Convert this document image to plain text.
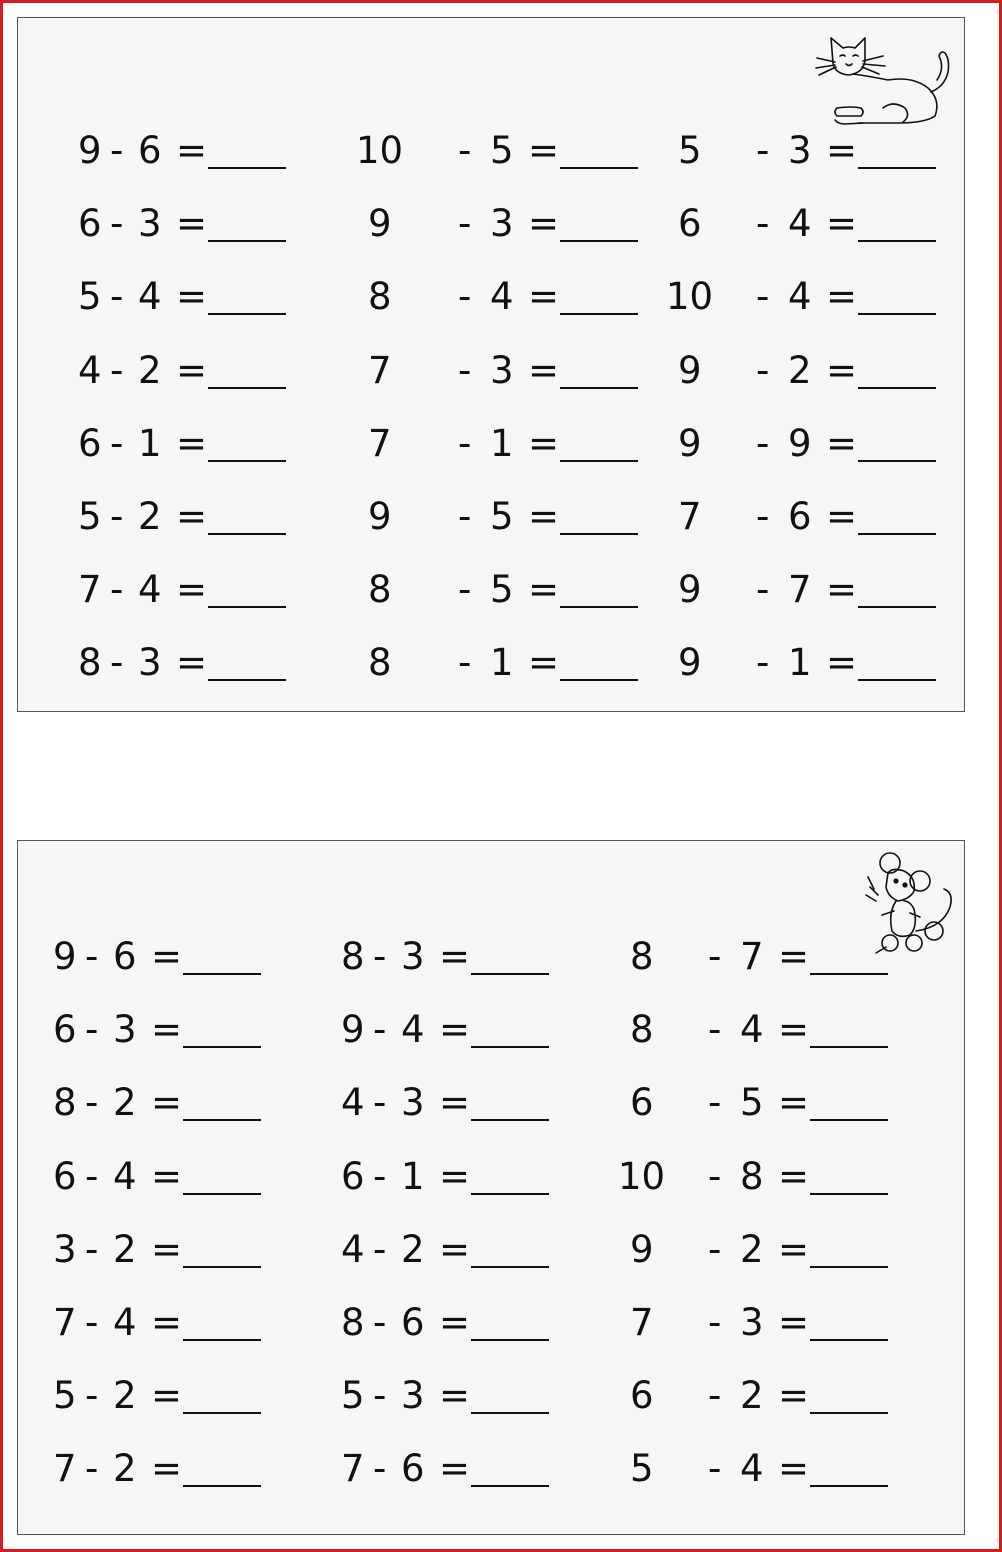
9 - 6 =
6 - 3 =
5 - 4 =
4 - 2 =
6 - 1 =
5 - 2 =
7 - 4 =
8 - 3 =
10 - 5 =
9 - 3 =
8 - 4 =
7 - 3 =
7 - 1 =
9 - 5 =
8 - 5 =
8 - 1 =
5 - 3 =
6 - 4 =
10 - 4 =
9 - 2 =
9 - 9 =
7 - 6 =
9 - 7 =
9 - 1 =
9 - 6 =
6 - 3 =
8 - 2 =
6 - 4 =
3 - 2 =
7 - 4 =
5 - 2 =
7 - 2 =
8 - 3 =
9 - 4 =
4 - 3 =
6 - 1 =
4 - 2 =
8 - 6 =
5 - 3 =
7 - 6 =
8 - 7 =
8 - 4 =
6 - 5 =
10 - 8 =
9 - 2 =
7 - 3 =
6 - 2 =
5 - 4 =
